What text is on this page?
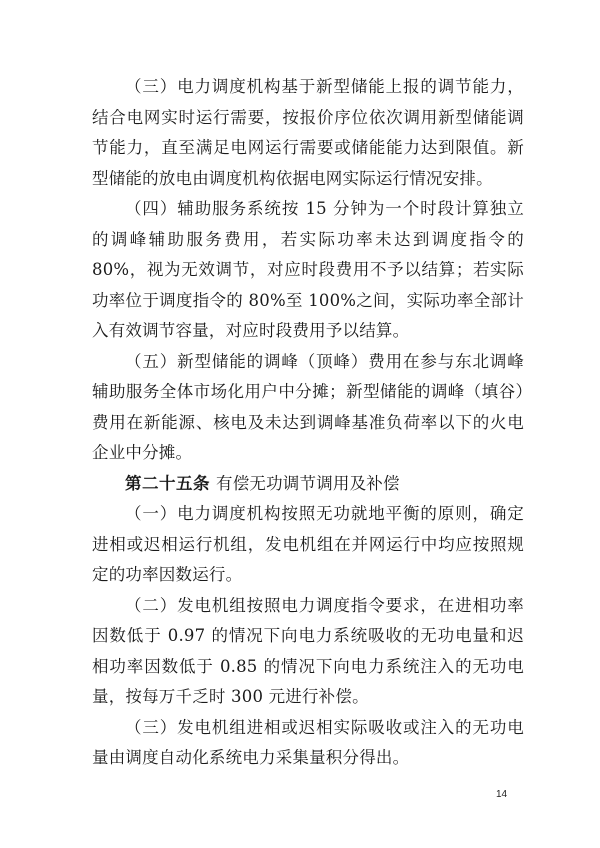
（三）电力调度机构基于新型储能上报的调节能力，结合电网实时运行需要，按报价序位依次调用新型储能调节能力，直至满足电网运行需要或储能能力达到限值。新型储能的放电由调度机构依据电网实际运行情况安排。

（四）辅助服务系统按 15 分钟为一个时段计算独立的调峰辅助服务费用，若实际功率未达到调度指令的 80%，视为无效调节，对应时段费用不予以结算；若实际功率位于调度指令的 80%至 100%之间，实际功率全部计入有效调节容量，对应时段费用予以结算。

（五）新型储能的调峰（顶峰）费用在参与东北调峰辅助服务全体市场化用户中分摊；新型储能的调峰（填谷）费用在新能源、核电及未达到调峰基准负荷率以下的火电企业中分摊。

第二十五条 有偿无功调节调用及补偿

（一）电力调度机构按照无功就地平衡的原则，确定进相或迟相运行机组，发电机组在并网运行中均应按照规定的功率因数运行。

（二）发电机组按照电力调度指令要求，在进相功率因数低于 0.97 的情况下向电力系统吸收的无功电量和迟相功率因数低于 0.85 的情况下向电力系统注入的无功电量，按每万千乏时 300 元进行补偿。

（三）发电机组进相或迟相实际吸收或注入的无功电量由调度自动化系统电力采集量积分得出。

14
